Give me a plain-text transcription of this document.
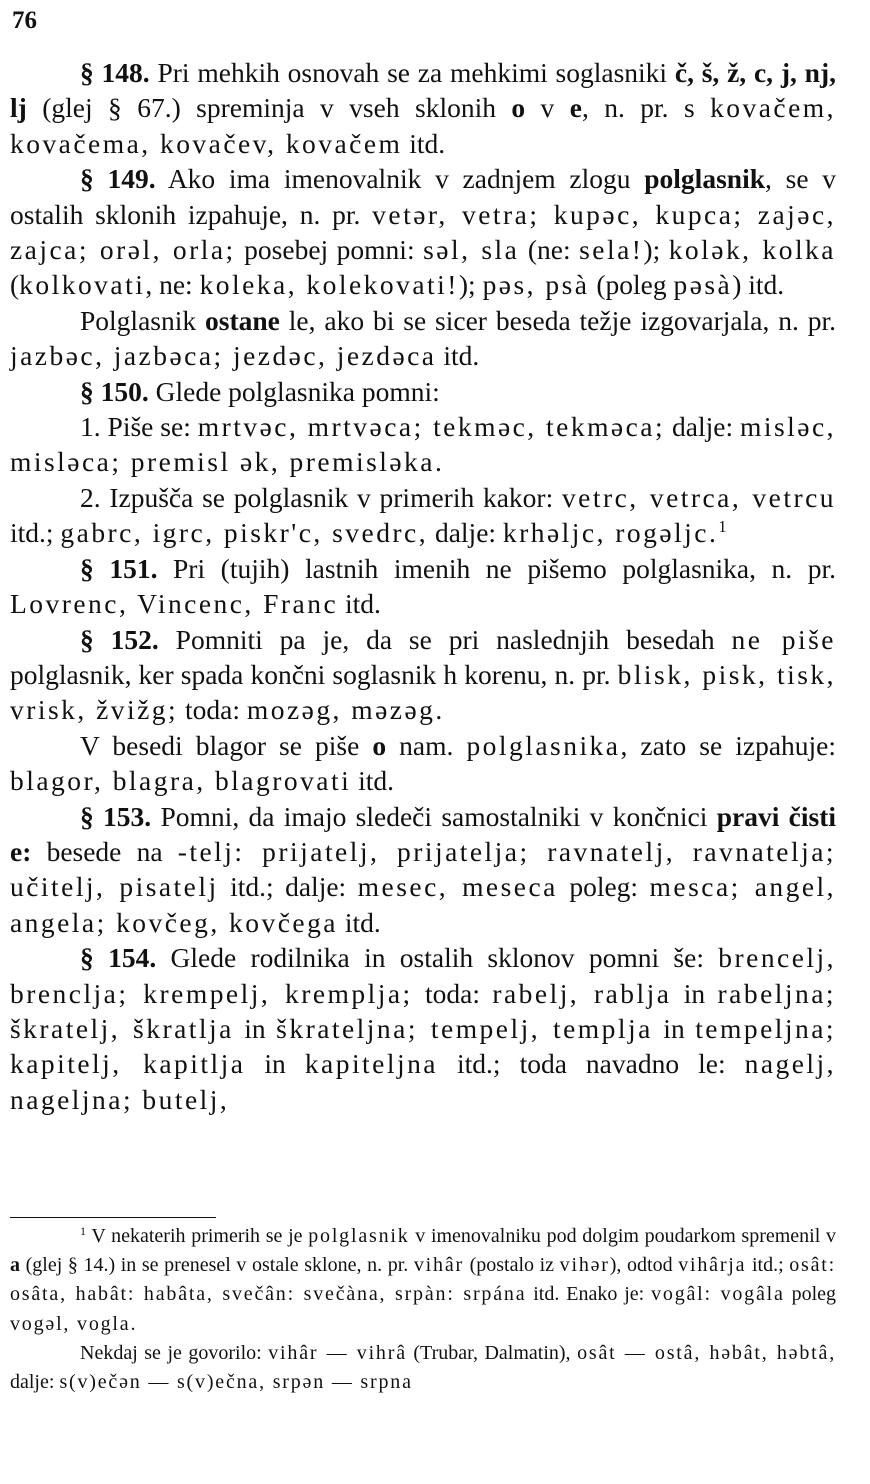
76

§ 148. Pri mehkih osnovah se za mehkimi soglasniki č, š, ž, c, j, nj, lj (glej § 67.) spreminja v vseh sklonih o v e, n. pr. s kovačem, kovačema, kovačev, kovačem itd.

§ 149. Ako ima imenovalnik v zadnjem zlogu polglasnik, se v ostalih sklonih izpahuje, n. pr. vetər, vetra; kupəc, kupca; zajəc, zajca; orəl, orla; posebej pomni: səl, sla (ne: sela!); kolək, kolka (kolkovati, ne: koleka, kolekovati!); pəs, psà (poleg pəsà) itd.

Polglasnik ostane le, ako bi se sicer beseda težje izgovarjala, n. pr. jazbəc, jazbəca; jezdəc, jezdəca itd.

§ 150. Glede polglasnika pomni:

1. Piše se: mrtvəc, mrtvəca; tekməc, tekməca; dalje: misləc, misləca; premisl ək, premisləka.

2. Izpušča se polglasnik v primerih kakor: vetrc, vetrca, vetrcu itd.; gabrc, igrc, piskr'c, svedrc, dalje: krhəljc, rogəljc.$^1$

§ 151. Pri (tujih) lastnih imenih ne pišemo polglasnika, n. pr. Lovrenc, Vincenc, Franc itd.

§ 152. Pomniti pa je, da se pri naslednjih besedah ne piše polglasnik, ker spada končni soglasnik h korenu, n. pr. blisk, pisk, tisk, vrisk, žvižg; toda: mozəg, məzəg.

V besedi blagor se piše o nam. polglasnika, zato se izpahuje: blagor, blagra, blagrovati itd.

§ 153. Pomni, da imajo sledeči samostalniki v končnici pravi čisti e: besede na -telj: prijatelj, prijatelja; ravnatelj, ravnatelja; učitelj, pisatelj itd.; dalje: mesec, meseca poleg: mesca; angel, angela; kovčeg, kovčega itd.

§ 154. Glede rodilnika in ostalih sklonov pomni še: brencelj, brenclja; krempelj, kremplja; toda: rabelj, rablja in rabeljna; škratelj, škratlja in škrateljna; tempelj, templja in tempeljna; kapitelj, kapitlja in kapiteljna itd.; toda navadno le: nagelj, nageljna; butelj,

$^1$ V nekaterih primerih se je polglasnik v imenovalniku pod dolgim poudarkom spremenil v a (glej § 14.) in se prenesel v ostale sklone, n. pr. vihâr (postalo iz vihər), odtod vihârja itd.; osât: osâta, habât: habâta, svečân: svečàna, srpàn: srpána itd. Enako je: vogâl: vogâla poleg vogəl, vogla.

Nekdaj se je govorilo: vihâr — vihrâ (Trubar, Dalmatin), osât — ostâ, həbât, həbtâ, dalje: s(v)ečən — s(v)ečna, srpən — srpna
